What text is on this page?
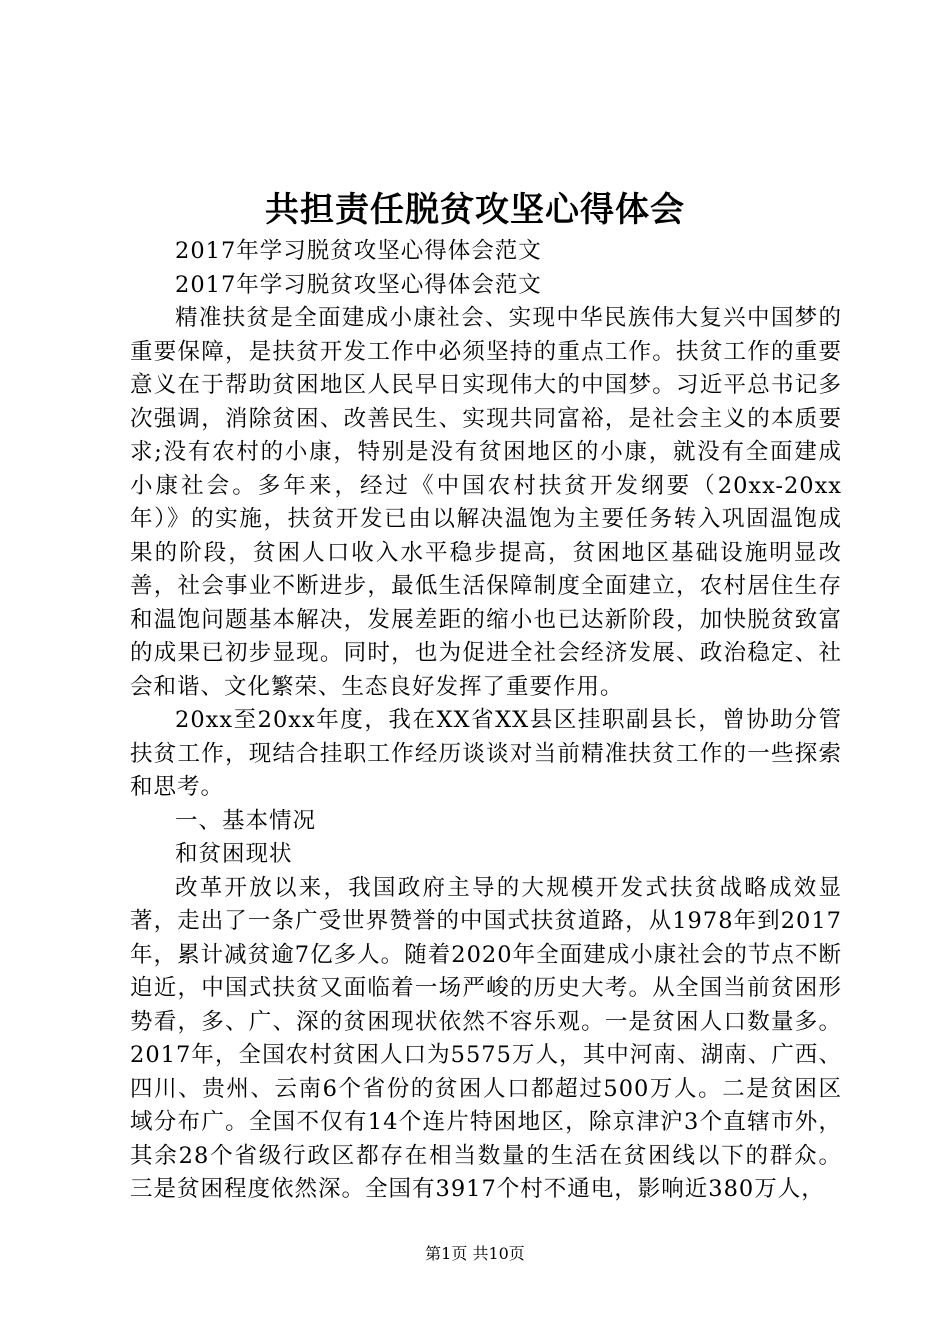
共担责任脱贫攻坚心得体会

2017年学习脱贫攻坚心得体会范文

2017年学习脱贫攻坚心得体会范文

精准扶贫是全面建成小康社会、实现中华民族伟大复兴中国梦的重要保障，是扶贫开发工作中必须坚持的重点工作。扶贫工作的重要意义在于帮助贫困地区人民早日实现伟大的中国梦。习近平总书记多次强调，消除贫困、改善民生、实现共同富裕，是社会主义的本质要求;没有农村的小康，特别是没有贫困地区的小康，就没有全面建成小康社会。多年来，经过《中国农村扶贫开发纲要（20xx-20xx年）》的实施，扶贫开发已由以解决温饱为主要任务转入巩固温饱成果的阶段，贫困人口收入水平稳步提高，贫困地区基础设施明显改善，社会事业不断进步，最低生活保障制度全面建立，农村居住生存和温饱问题基本解决，发展差距的缩小也已达新阶段，加快脱贫致富的成果已初步显现。同时，也为促进全社会经济发展、政治稳定、社会和谐、文化繁荣、生态良好发挥了重要作用。

20xx至20xx年度，我在XX省XX县区挂职副县长，曾协助分管扶贫工作，现结合挂职工作经历谈谈对当前精准扶贫工作的一些探索和思考。

一、基本情况

和贫困现状

改革开放以来，我国政府主导的大规模开发式扶贫战略成效显著，走出了一条广受世界赞誉的中国式扶贫道路，从1978年到2017年，累计减贫逾7亿多人。随着2020年全面建成小康社会的节点不断迫近，中国式扶贫又面临着一场严峻的历史大考。从全国当前贫困形势看，多、广、深的贫困现状依然不容乐观。一是贫困人口数量多。2017年，全国农村贫困人口为5575万人，其中河南、湖南、广西、四川、贵州、云南6个省份的贫困人口都超过500万人。二是贫困区域分布广。全国不仅有14个连片特困地区，除京津沪3个直辖市外，其余28个省级行政区都存在相当数量的生活在贫困线以下的群众。三是贫困程度依然深。全国有3917个村不通电，影响近380万人，

第1页 共10页
